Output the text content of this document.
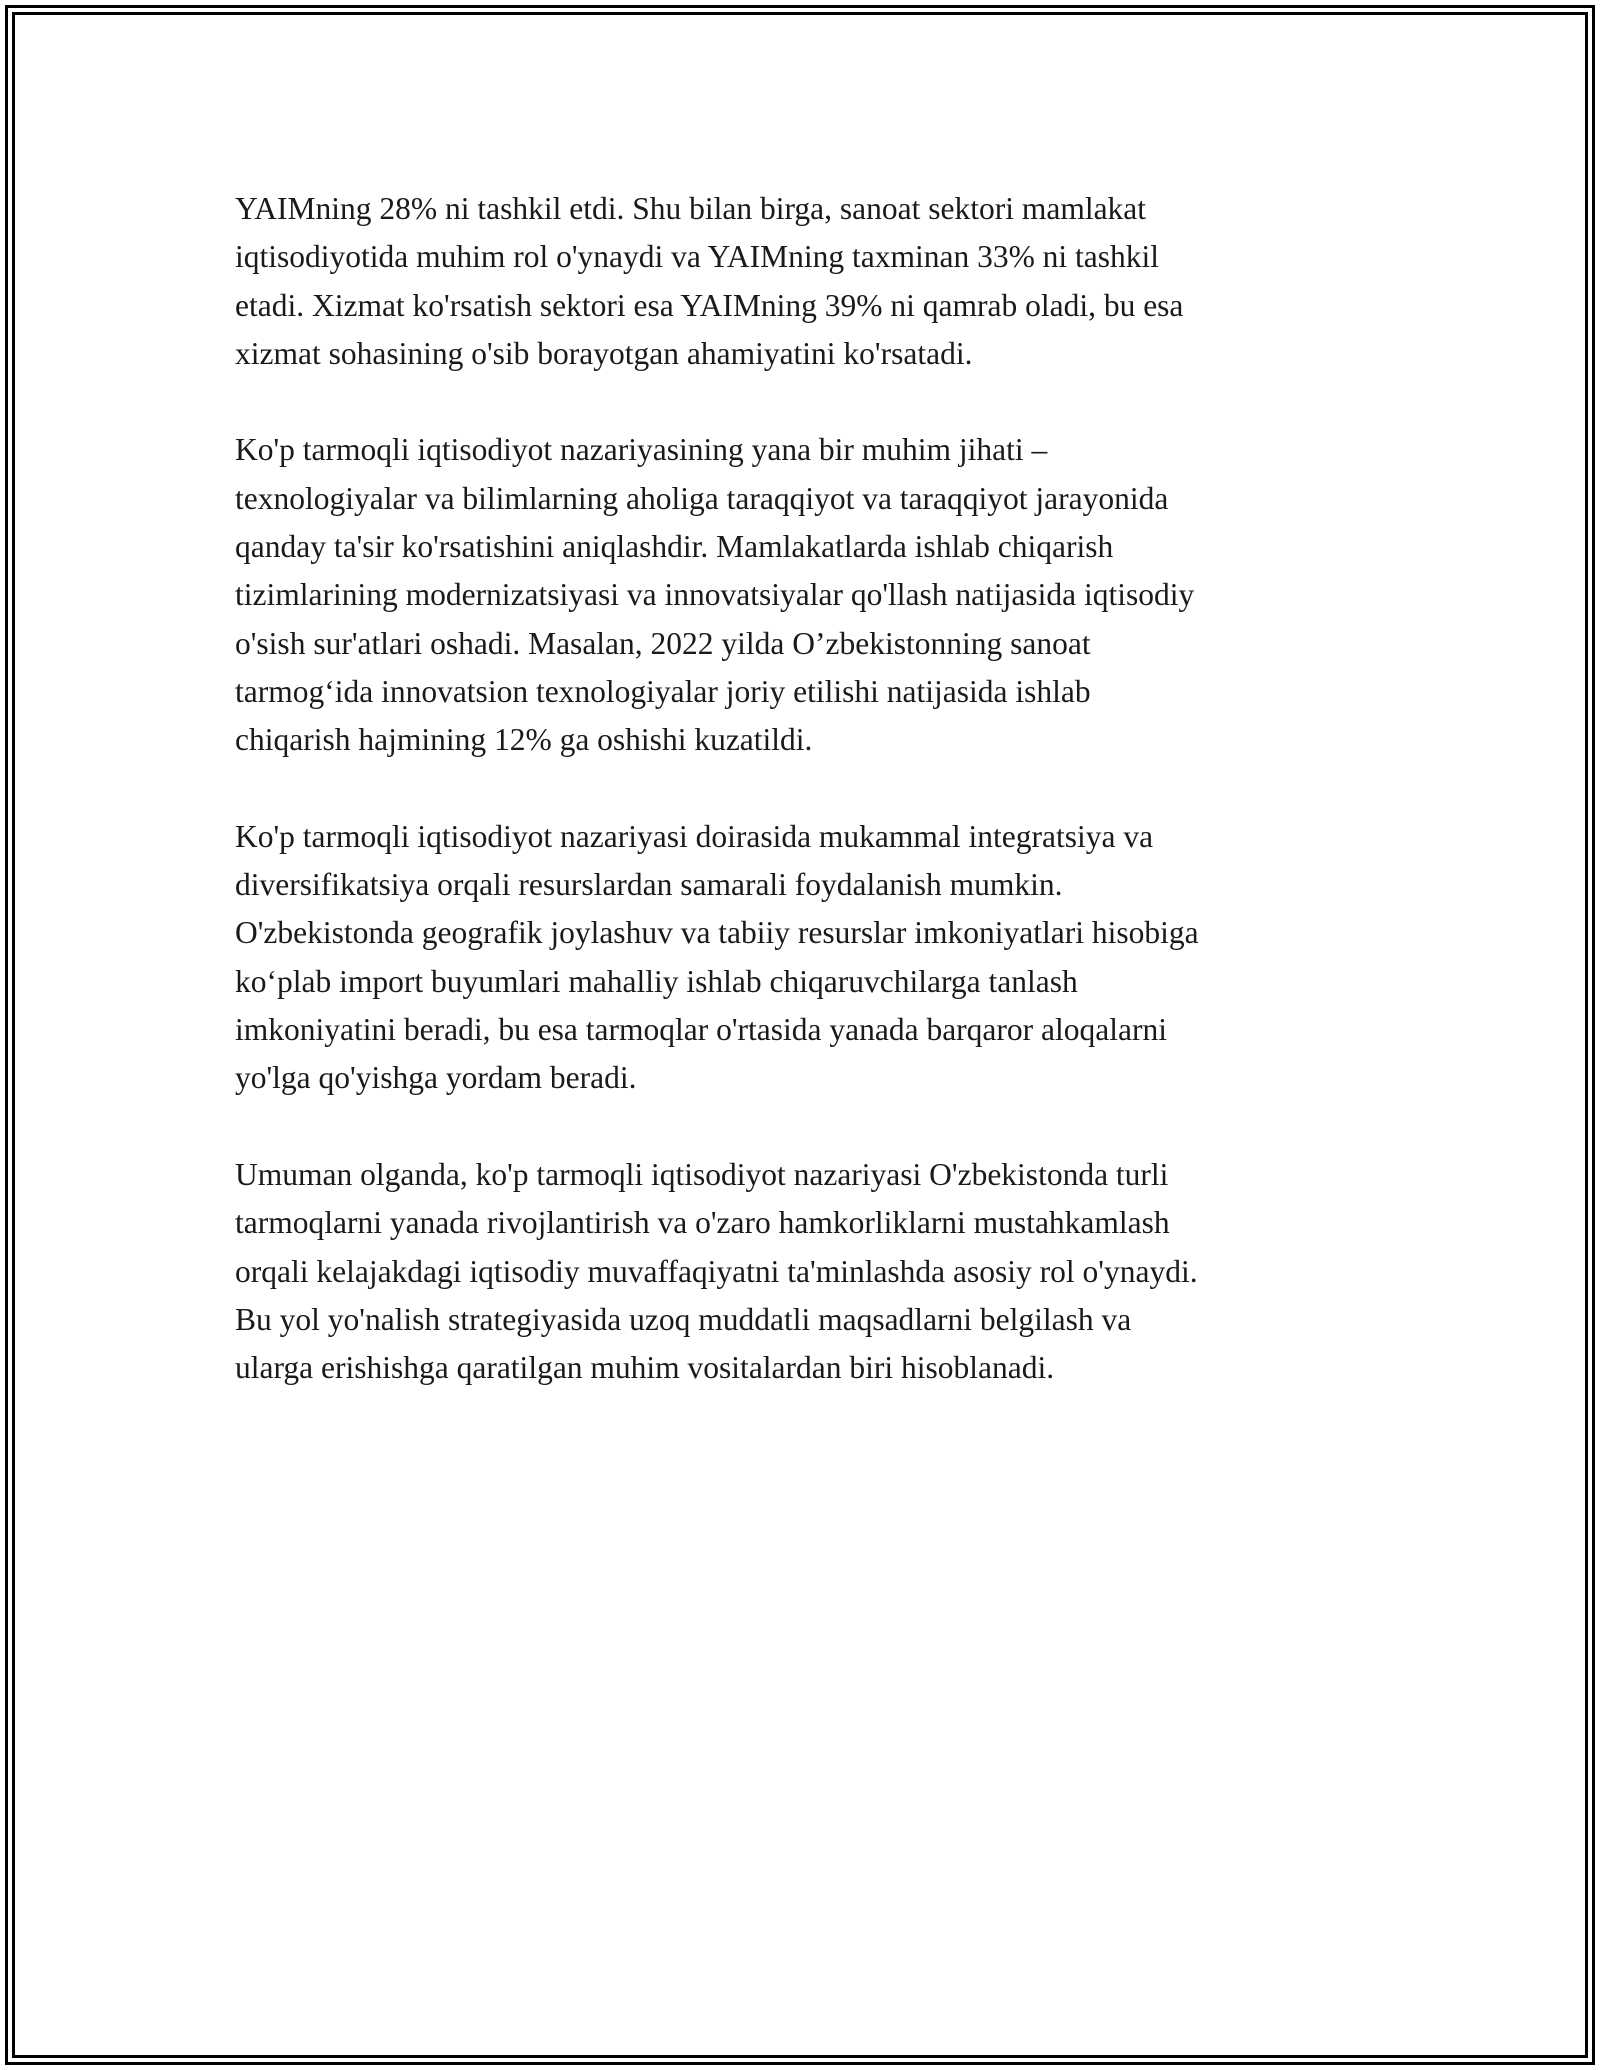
YAIMning 28% ni tashkil etdi. Shu bilan birga, sanoat sektori mamlakat
iqtisodiyotida muhim rol o'ynaydi va YAIMning taxminan 33% ni tashkil
etadi. Xizmat ko'rsatish sektori esa YAIMning 39% ni qamrab oladi, bu esa
xizmat sohasining o'sib borayotgan ahamiyatini ko'rsatadi.

Ko'p tarmoqli iqtisodiyot nazariyasining yana bir muhim jihati –
texnologiyalar va bilimlarning aholiga taraqqiyot va taraqqiyot jarayonida
qanday ta'sir ko'rsatishini aniqlashdir. Mamlakatlarda ishlab chiqarish
tizimlarining modernizatsiyasi va innovatsiyalar qo'llash natijasida iqtisodiy
o'sish sur'atlari oshadi. Masalan, 2022 yilda O’zbekistonning sanoat
tarmog‘ida innovatsion texnologiyalar joriy etilishi natijasida ishlab
chiqarish hajmining 12% ga oshishi kuzatildi.

Ko'p tarmoqli iqtisodiyot nazariyasi doirasida mukammal integratsiya va
diversifikatsiya orqali resurslardan samarali foydalanish mumkin.
O'zbekistonda geografik joylashuv va tabiiy resurslar imkoniyatlari hisobiga
ko‘plab import buyumlari mahalliy ishlab chiqaruvchilarga tanlash
imkoniyatini beradi, bu esa tarmoqlar o'rtasida yanada barqaror aloqalarni
yo'lga qo'yishga yordam beradi.

Umuman olganda, ko'p tarmoqli iqtisodiyot nazariyasi O'zbekistonda turli
tarmoqlarni yanada rivojlantirish va o'zaro hamkorliklarni mustahkamlash
orqali kelajakdagi iqtisodiy muvaffaqiyatni ta'minlashda asosiy rol o'ynaydi.
Bu yol yo'nalish strategiyasida uzoq muddatli maqsadlarni belgilash va
ularga erishishga qaratilgan muhim vositalardan biri hisoblanadi.
